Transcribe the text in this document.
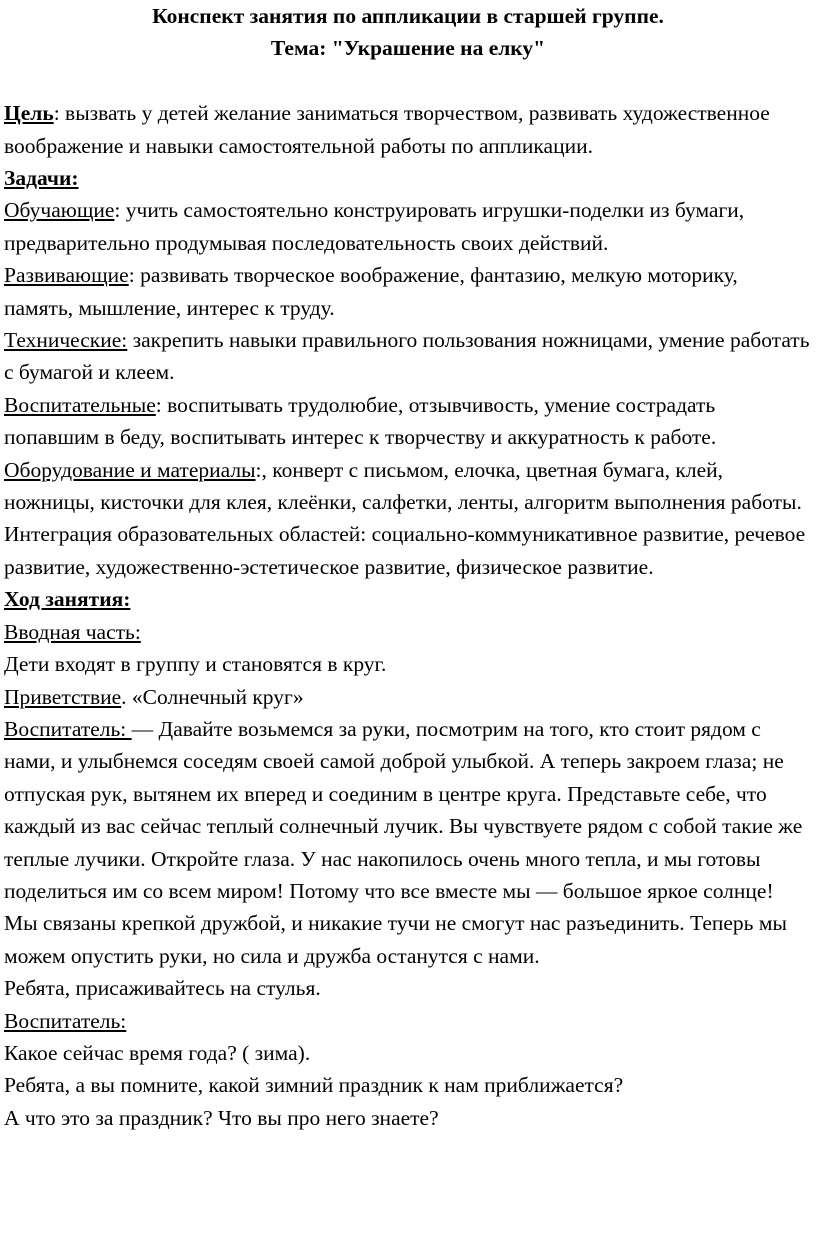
Конспект занятия по аппликации в старшей группе.
Тема: "Украшение на елку"

Цель: вызвать у детей желание заниматься творчеством, развивать художественное воображение и навыки самостоятельной работы по аппликации.

Задачи:

Обучающие: учить самостоятельно конструировать игрушки-поделки из бумаги, предварительно продумывая последовательность своих действий.

Развивающие: развивать творческое воображение, фантазию, мелкую моторику, память, мышление, интерес к труду.

Технические: закрепить навыки правильного пользования ножницами, умение работать с бумагой и клеем.

Воспитательные: воспитывать трудолюбие, отзывчивость, умение сострадать попавшим в беду, воспитывать интерес к творчеству и аккуратность к работе.

Оборудование и материалы:, конверт с письмом, елочка, цветная бумага, клей, ножницы, кисточки для клея, клеёнки, салфетки, ленты, алгоритм выполнения работы.

Интеграция образовательных областей: социально-коммуникативное развитие, речевое развитие, художественно-эстетическое развитие, физическое развитие.

Ход занятия:

Вводная часть:

Дети входят в группу и становятся в круг.

Приветствие. «Солнечный круг»

Воспитатель: — Давайте возьмемся за руки, посмотрим на того, кто стоит рядом с нами, и улыбнемся соседям своей самой доброй улыбкой. А теперь закроем глаза; не отпуская рук, вытянем их вперед и соединим в центре круга. Представьте себе, что каждый из вас сейчас теплый солнечный лучик. Вы чувствуете рядом с собой такие же теплые лучики. Откройте глаза. У нас накопилось очень много тепла, и мы готовы поделиться им со всем миром! Потому что все вместе мы — большое яркое солнце! Мы связаны крепкой дружбой, и никакие тучи не смогут нас разъединить. Теперь мы можем опустить руки, но сила и дружба останутся с нами.

Ребята, присаживайтесь на стулья.

Воспитатель:

Какое сейчас время года? ( зима).

Ребята, а вы помните, какой зимний праздник к нам приближается?

А что это за праздник? Что вы про него знаете?
